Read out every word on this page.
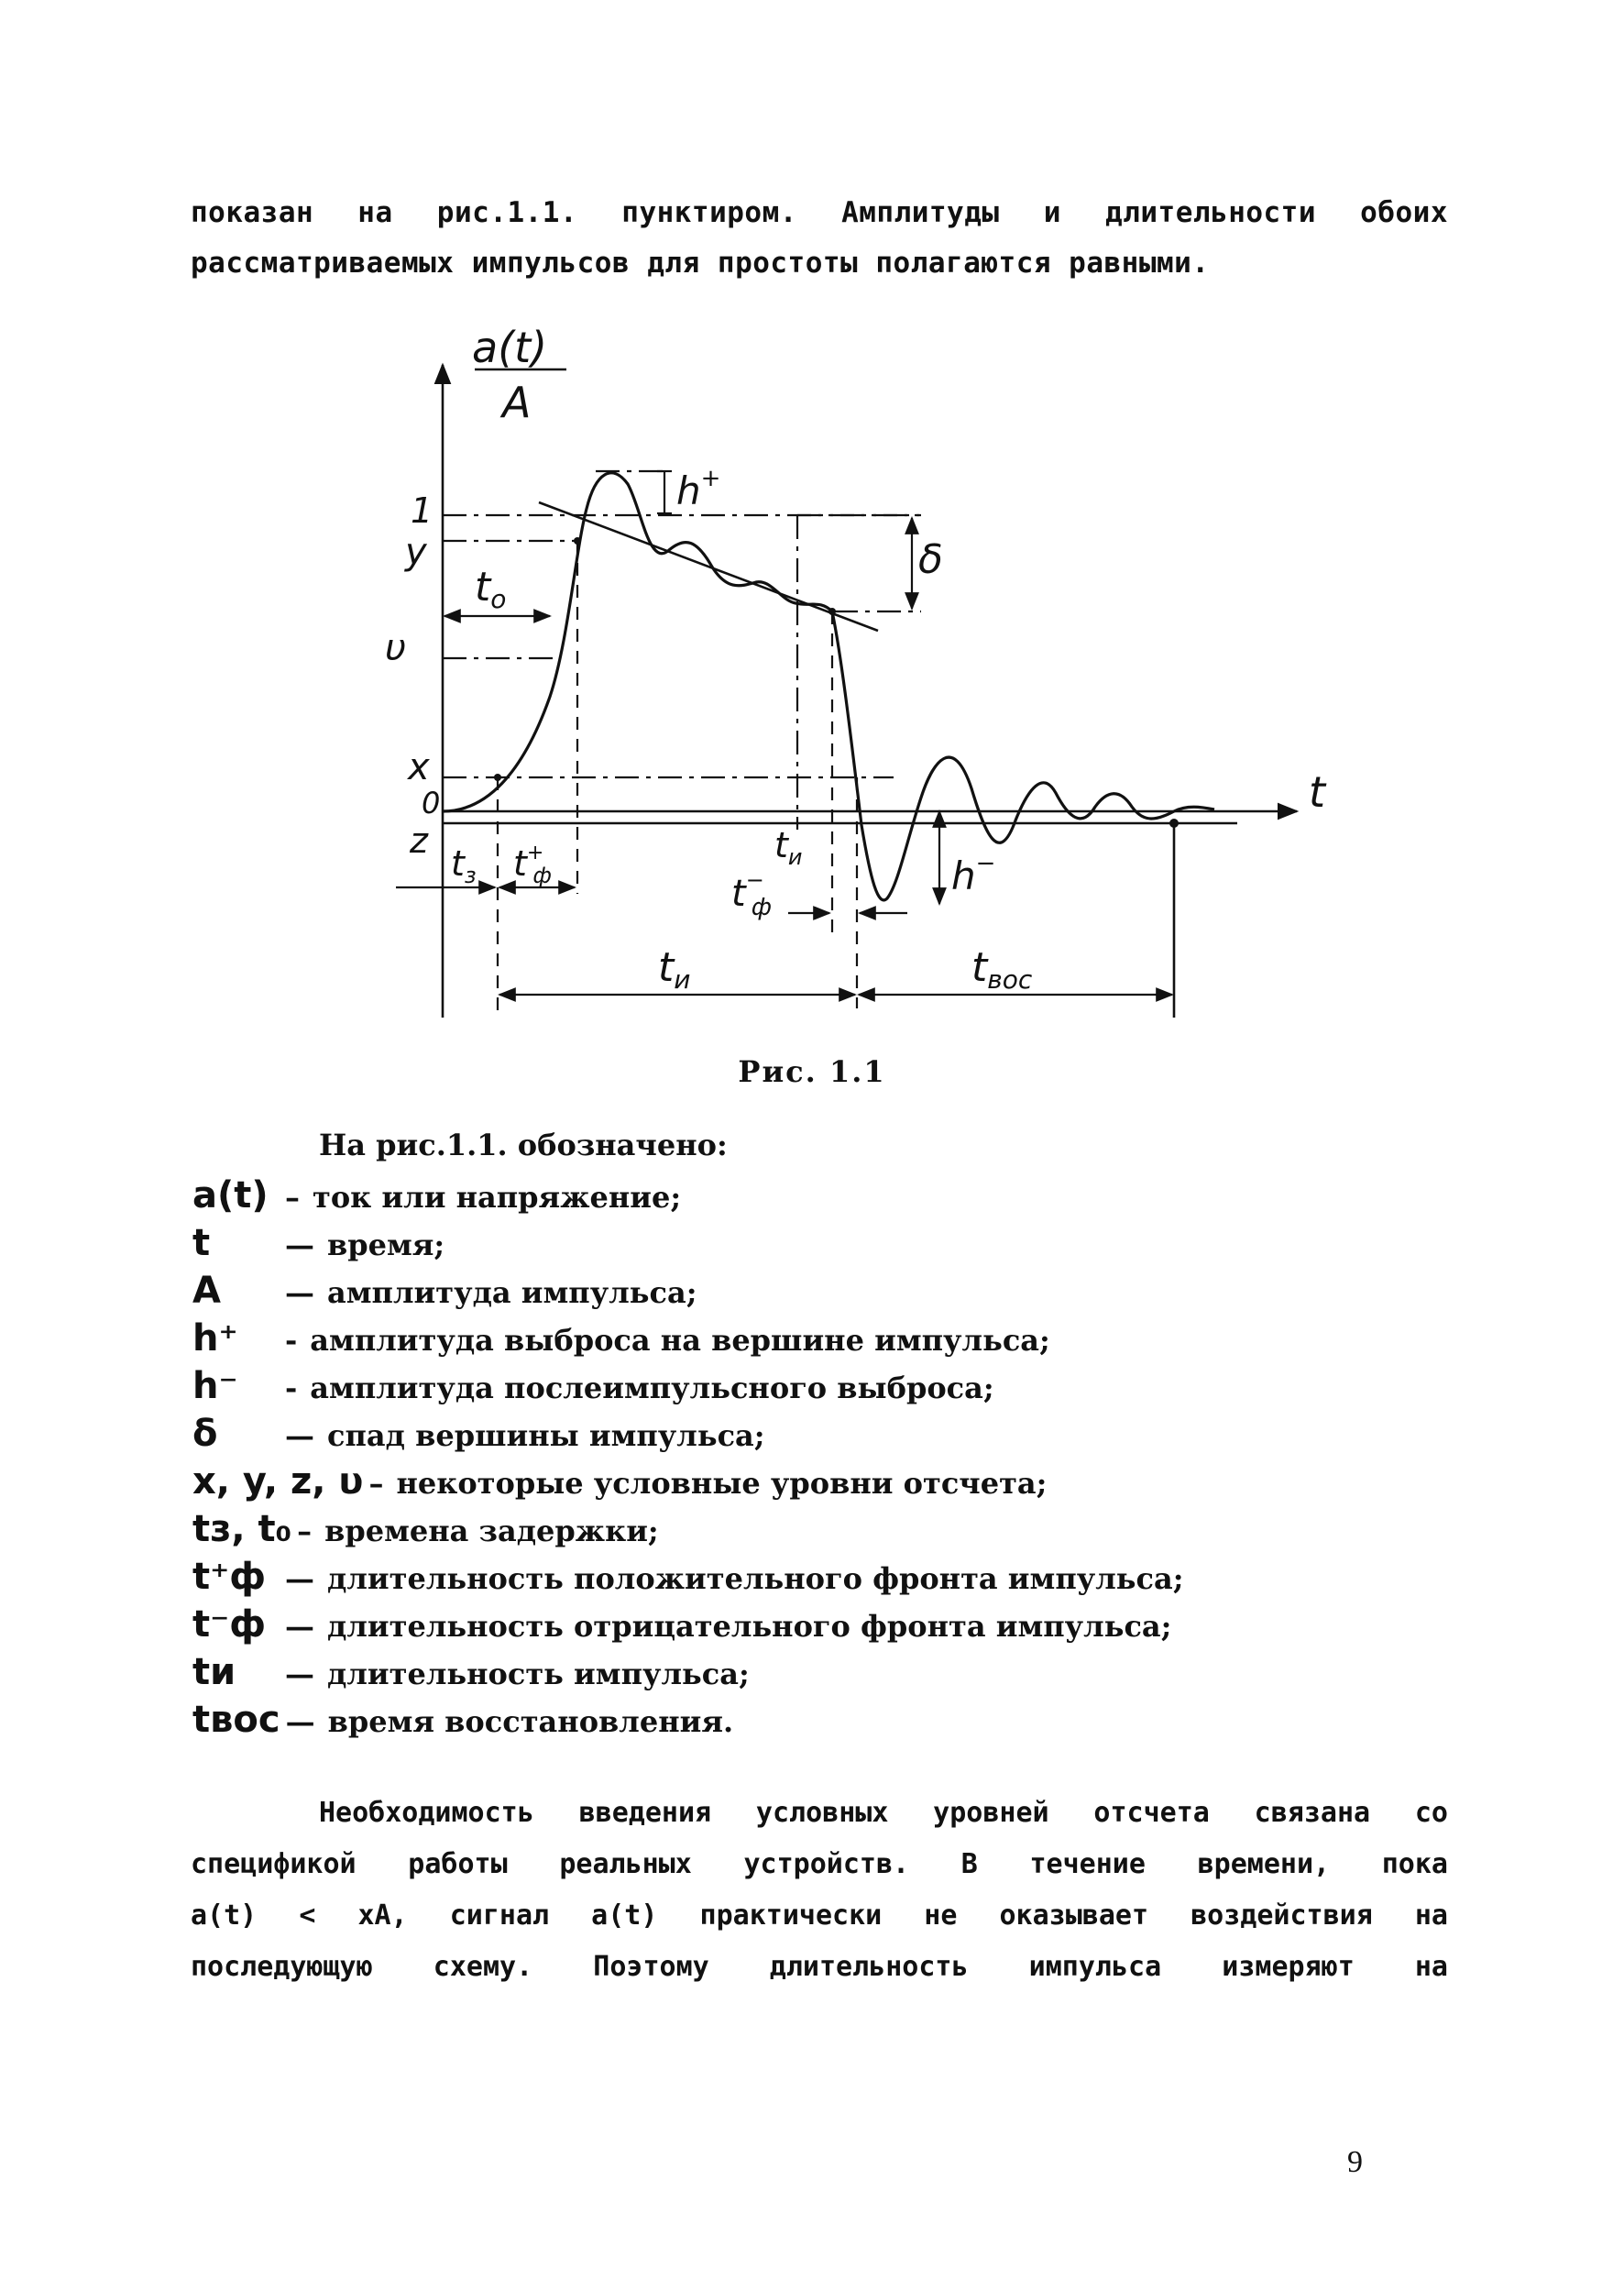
показан на рис.1.1. пунктиром. Амплитуды и длительности обоих

рассматриваемых импульсов для простоты полагаются равными.

a(t)
A
t
1
y
υ
x
0
z
to
h+
δ
$t_з$ t+ ф
$t_и$
t− ф
h−
tи	tвос
Рис. 1.1
На рис.1.1. обозначено:
a(t) – ток или напряжение;
t	— время;
A	— амплитуда импульса;
h⁺	- амплитуда выброса на вершине импульса;
h⁻	- амплитуда послеимпульсного выброса;
δ	— спад вершины импульса;
x, y, z, υ – некоторые условные уровни отсчета;
tз, t₀ – времена задержки;
t⁺ф — длительность положительного фронта импульса;
t⁻ф — длительность отрицательного фронта импульса;
tи	— длительность импульса;
tвос — время восстановления.

Необходимость введения условных уровней отсчета связана со

спецификой работы реальных устройств. В течение времени, пока

a(t) < xA, сигнал a(t) практически не оказывает воздействия на

последующую схему. Поэтому длительность импульса измеряют на

9
